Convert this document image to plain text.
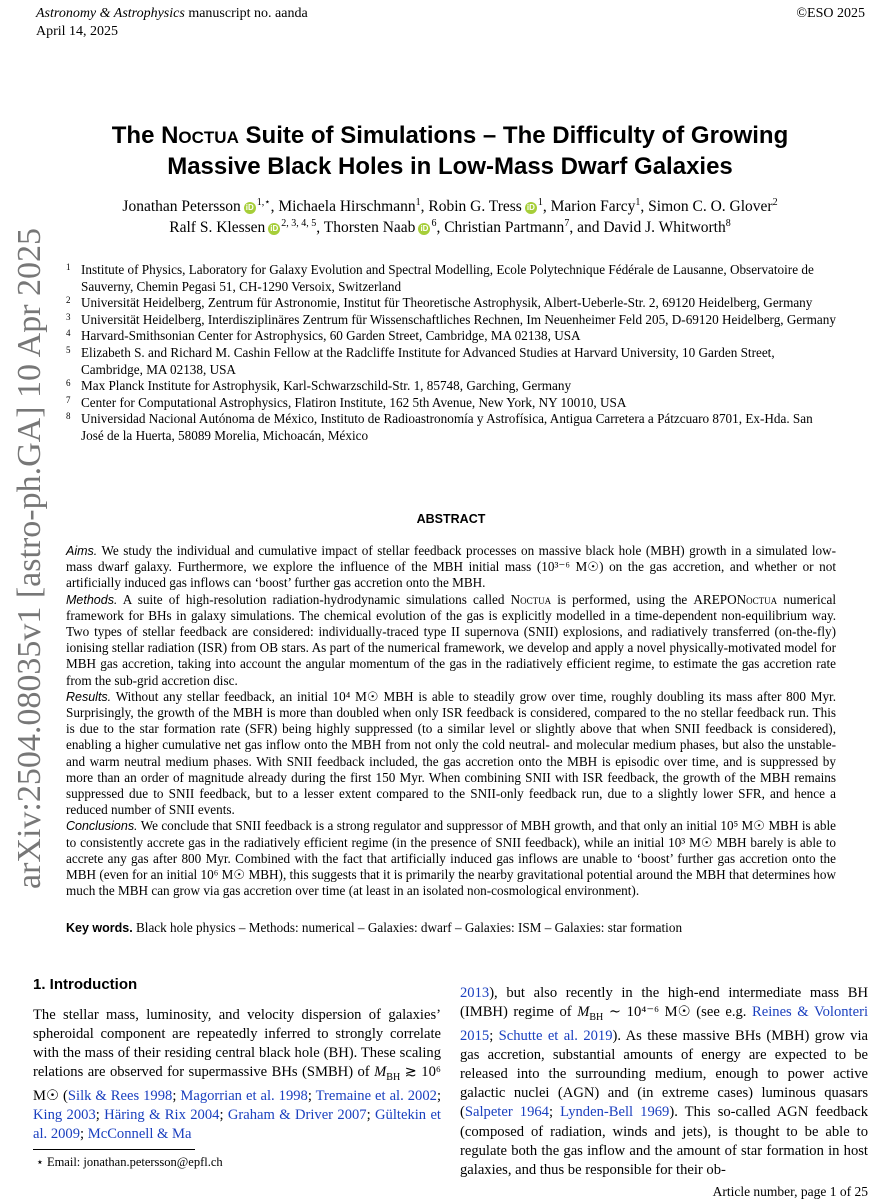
Astronomy & Astrophysics manuscript no. aanda
April 14, 2025
©ESO 2025
arXiv:2504.08035v1 [astro-ph.GA] 10 Apr 2025
The Noctua Suite of Simulations – The Difficulty of Growing
Massive Black Holes in Low-Mass Dwarf Galaxies
Jonathan Petersson iD $^{1,⋆}$, Michaela Hirschmann$^1$, Robin G. Tress iD $^1$, Marion Farcy$^1$, Simon C. O. Glover$^2$
Ralf S. Klessen iD $^{2, 3, 4, 5}$, Thorsten Naab iD $^6$, Christian Partmann$^7$, and David J. Whitworth$^8$
1 Institute of Physics, Laboratory for Galaxy Evolution and Spectral Modelling, Ecole Polytechnique Fédérale de Lausanne, Observatoire de Sauverny, Chemin Pegasi 51, CH-1290 Versoix, Switzerland
2 Universität Heidelberg, Zentrum für Astronomie, Institut für Theoretische Astrophysik, Albert-Ueberle-Str. 2, 69120 Heidelberg, Germany
3 Universität Heidelberg, Interdisziplinäres Zentrum für Wissenschaftliches Rechnen, Im Neuenheimer Feld 205, D-69120 Heidelberg, Germany
4 Harvard-Smithsonian Center for Astrophysics, 60 Garden Street, Cambridge, MA 02138, USA
5 Elizabeth S. and Richard M. Cashin Fellow at the Radcliffe Institute for Advanced Studies at Harvard University, 10 Garden Street, Cambridge, MA 02138, USA
6 Max Planck Institute for Astrophysik, Karl-Schwarzschild-Str. 1, 85748, Garching, Germany
7 Center for Computational Astrophysics, Flatiron Institute, 162 5th Avenue, New York, NY 10010, USA
8 Universidad Nacional Autónoma de México, Instituto de Radioastronomía y Astrofísica, Antigua Carretera a Pátzcuaro 8701, Ex-Hda. San José de la Huerta, 58089 Morelia, Michoacán, México
ABSTRACT

Aims. We study the individual and cumulative impact of stellar feedback processes on massive black hole (MBH) growth in a simulated low-mass dwarf galaxy. Furthermore, we explore the influence of the MBH initial mass (10³⁻⁶ M☉) on the gas accretion, and whether or not artificially induced gas inflows can ‘boost’ further gas accretion onto the MBH.

Methods. A suite of high-resolution radiation-hydrodynamic simulations called Noctua is performed, using the AREPONoctua numerical framework for BHs in galaxy simulations. The chemical evolution of the gas is explicitly modelled in a time-dependent non-equilibrium way. Two types of stellar feedback are considered: individually-traced type II supernova (SNII) explosions, and radiatively transferred (on-the-fly) ionising stellar radiation (ISR) from OB stars. As part of the numerical framework, we develop and apply a novel physically-motivated model for MBH gas accretion, taking into account the angular momentum of the gas in the radiatively efficient regime, to estimate the gas accretion rate from the sub-grid accretion disc.

Results. Without any stellar feedback, an initial 10⁴ M☉ MBH is able to steadily grow over time, roughly doubling its mass after 800 Myr. Surprisingly, the growth of the MBH is more than doubled when only ISR feedback is considered, compared to the no stellar feedback run. This is due to the star formation rate (SFR) being highly suppressed (to a similar level or slightly above that when SNII feedback is considered), enabling a higher cumulative net gas inflow onto the MBH from not only the cold neutral- and molecular medium phases, but also the unstable- and warm neutral medium phases. With SNII feedback included, the gas accretion onto the MBH is episodic over time, and is suppressed by more than an order of magnitude already during the first 150 Myr. When combining SNII with ISR feedback, the growth of the MBH remains suppressed due to SNII feedback, but to a lesser extent compared to the SNII-only feedback run, due to a slightly lower SFR, and hence a reduced number of SNII events.

Conclusions. We conclude that SNII feedback is a strong regulator and suppressor of MBH growth, and that only an initial 10⁵ M☉ MBH is able to consistently accrete gas in the radiatively efficient regime (in the presence of SNII feedback), while an initial 10³ M☉ MBH barely is able to accrete any gas after 800 Myr. Combined with the fact that artificially induced gas inflows are unable to ‘boost’ further gas accretion onto the MBH (even for an initial 10⁶ M☉ MBH), this suggests that it is primarily the nearby gravitational potential around the MBH that determines how much the MBH can grow via gas accretion over time (at least in an isolated non-cosmological environment).

Key words. Black hole physics – Methods: numerical – Galaxies: dwarf – Galaxies: ISM – Galaxies: star formation
1. Introduction
The stellar mass, luminosity, and velocity dispersion of galaxies’ spheroidal component are repeatedly inferred to strongly correlate with the mass of their residing central black hole (BH). These scaling relations are observed for supermassive BHs (SMBH) of $M_{BH}$ ≳ 10⁶ M☉ (Silk & Rees 1998; Magorrian et al. 1998; Tremaine et al. 2002; King 2003; Häring & Rix 2004; Graham & Driver 2007; Gültekin et al. 2009; McConnell & Ma
2013), but also recently in the high-end intermediate mass BH (IMBH) regime of $M_{BH}$ ∼ 10⁴⁻⁶ M☉ (see e.g. Reines & Volonteri 2015; Schutte et al. 2019). As these massive BHs (MBH) grow via gas accretion, substantial amounts of energy are expected to be released into the surrounding medium, enough to power active galactic nuclei (AGN) and (in extreme cases) luminous quasars (Salpeter 1964; Lynden-Bell 1969). This so-called AGN feedback (composed of radiation, winds and jets), is thought to be able to regulate both the gas inflow and the amount of star formation in host galaxies, and thus be responsible for their ob-
⋆ Email: jonathan.petersson@epfl.ch
Article number, page 1 of 25
